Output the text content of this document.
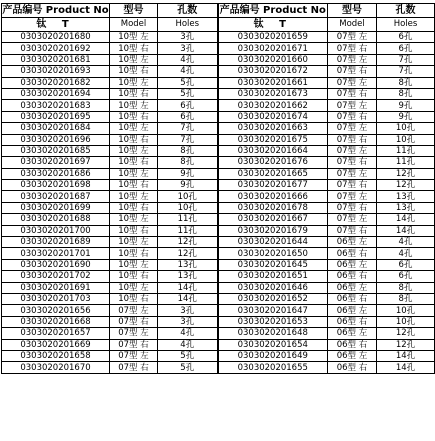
产品编号 Product No	型号	孔数	产品编号 Product No	型号	孔数
钛 T	Model	Holes	钛 T	Model	Holes
0303020201680	10型 左	3孔	0303020201659	07型 左	6孔
0303020201692	10型 右	3孔	0303020201671	07型 右	6孔
0303020201681	10型 左	4孔	0303020201660	07型 左	7孔
0303020201693	10型 右	4孔	0303020201672	07型 右	7孔
0303020201682	10型 左	5孔	0303020201661	07型 左	8孔
0303020201694	10型 右	5孔	0303020201673	07型 右	8孔
0303020201683	10型 左	6孔	0303020201662	07型 左	9孔
0303020201695	10型 右	6孔	0303020201674	07型 右	9孔
0303020201684	10型 左	7孔	0303020201663	07型 左	10孔
0303020201696	10型 右	7孔	0303020201675	07型 右	10孔
0303020201685	10型 左	8孔	0303020201664	07型 左	11孔
0303020201697	10型 右	8孔	0303020201676	07型 右	11孔
0303020201686	10型 左	9孔	0303020201665	07型 左	12孔
0303020201698	10型 右	9孔	0303020201677	07型 右	12孔
0303020201687	10型 左	10孔	0303020201666	07型 左	13孔
0303020201699	10型 右	10孔	0303020201678	07型 右	13孔
0303020201688	10型 左	11孔	0303020201667	07型 左	14孔
0303020201700	10型 右	11孔	0303020201679	07型 右	14孔
0303020201689	10型 左	12孔	0303020201644	06型 左	4孔
0303020201701	10型 右	12孔	0303020201650	06型 右	4孔
0303020201690	10型 左	13孔	0303020201645	06型 左	6孔
0303020201702	10型 右	13孔	0303020201651	06型 右	6孔
0303020201691	10型 左	14孔	0303020201646	06型 左	8孔
0303020201703	10型 右	14孔	0303020201652	06型 右	8孔
0303020201656	07型 左	3孔	0303020201647	06型 左	10孔
0303020201668	07型 右	3孔	0303020201653	06型 右	10孔
0303020201657	07型 左	4孔	0303020201648	06型 左	12孔
0303020201669	07型 右	4孔	0303020201654	06型 右	12孔
0303020201658	07型 左	5孔	0303020201649	06型 左	14孔
0303020201670	07型 右	5孔	0303020201655	06型 右	14孔
